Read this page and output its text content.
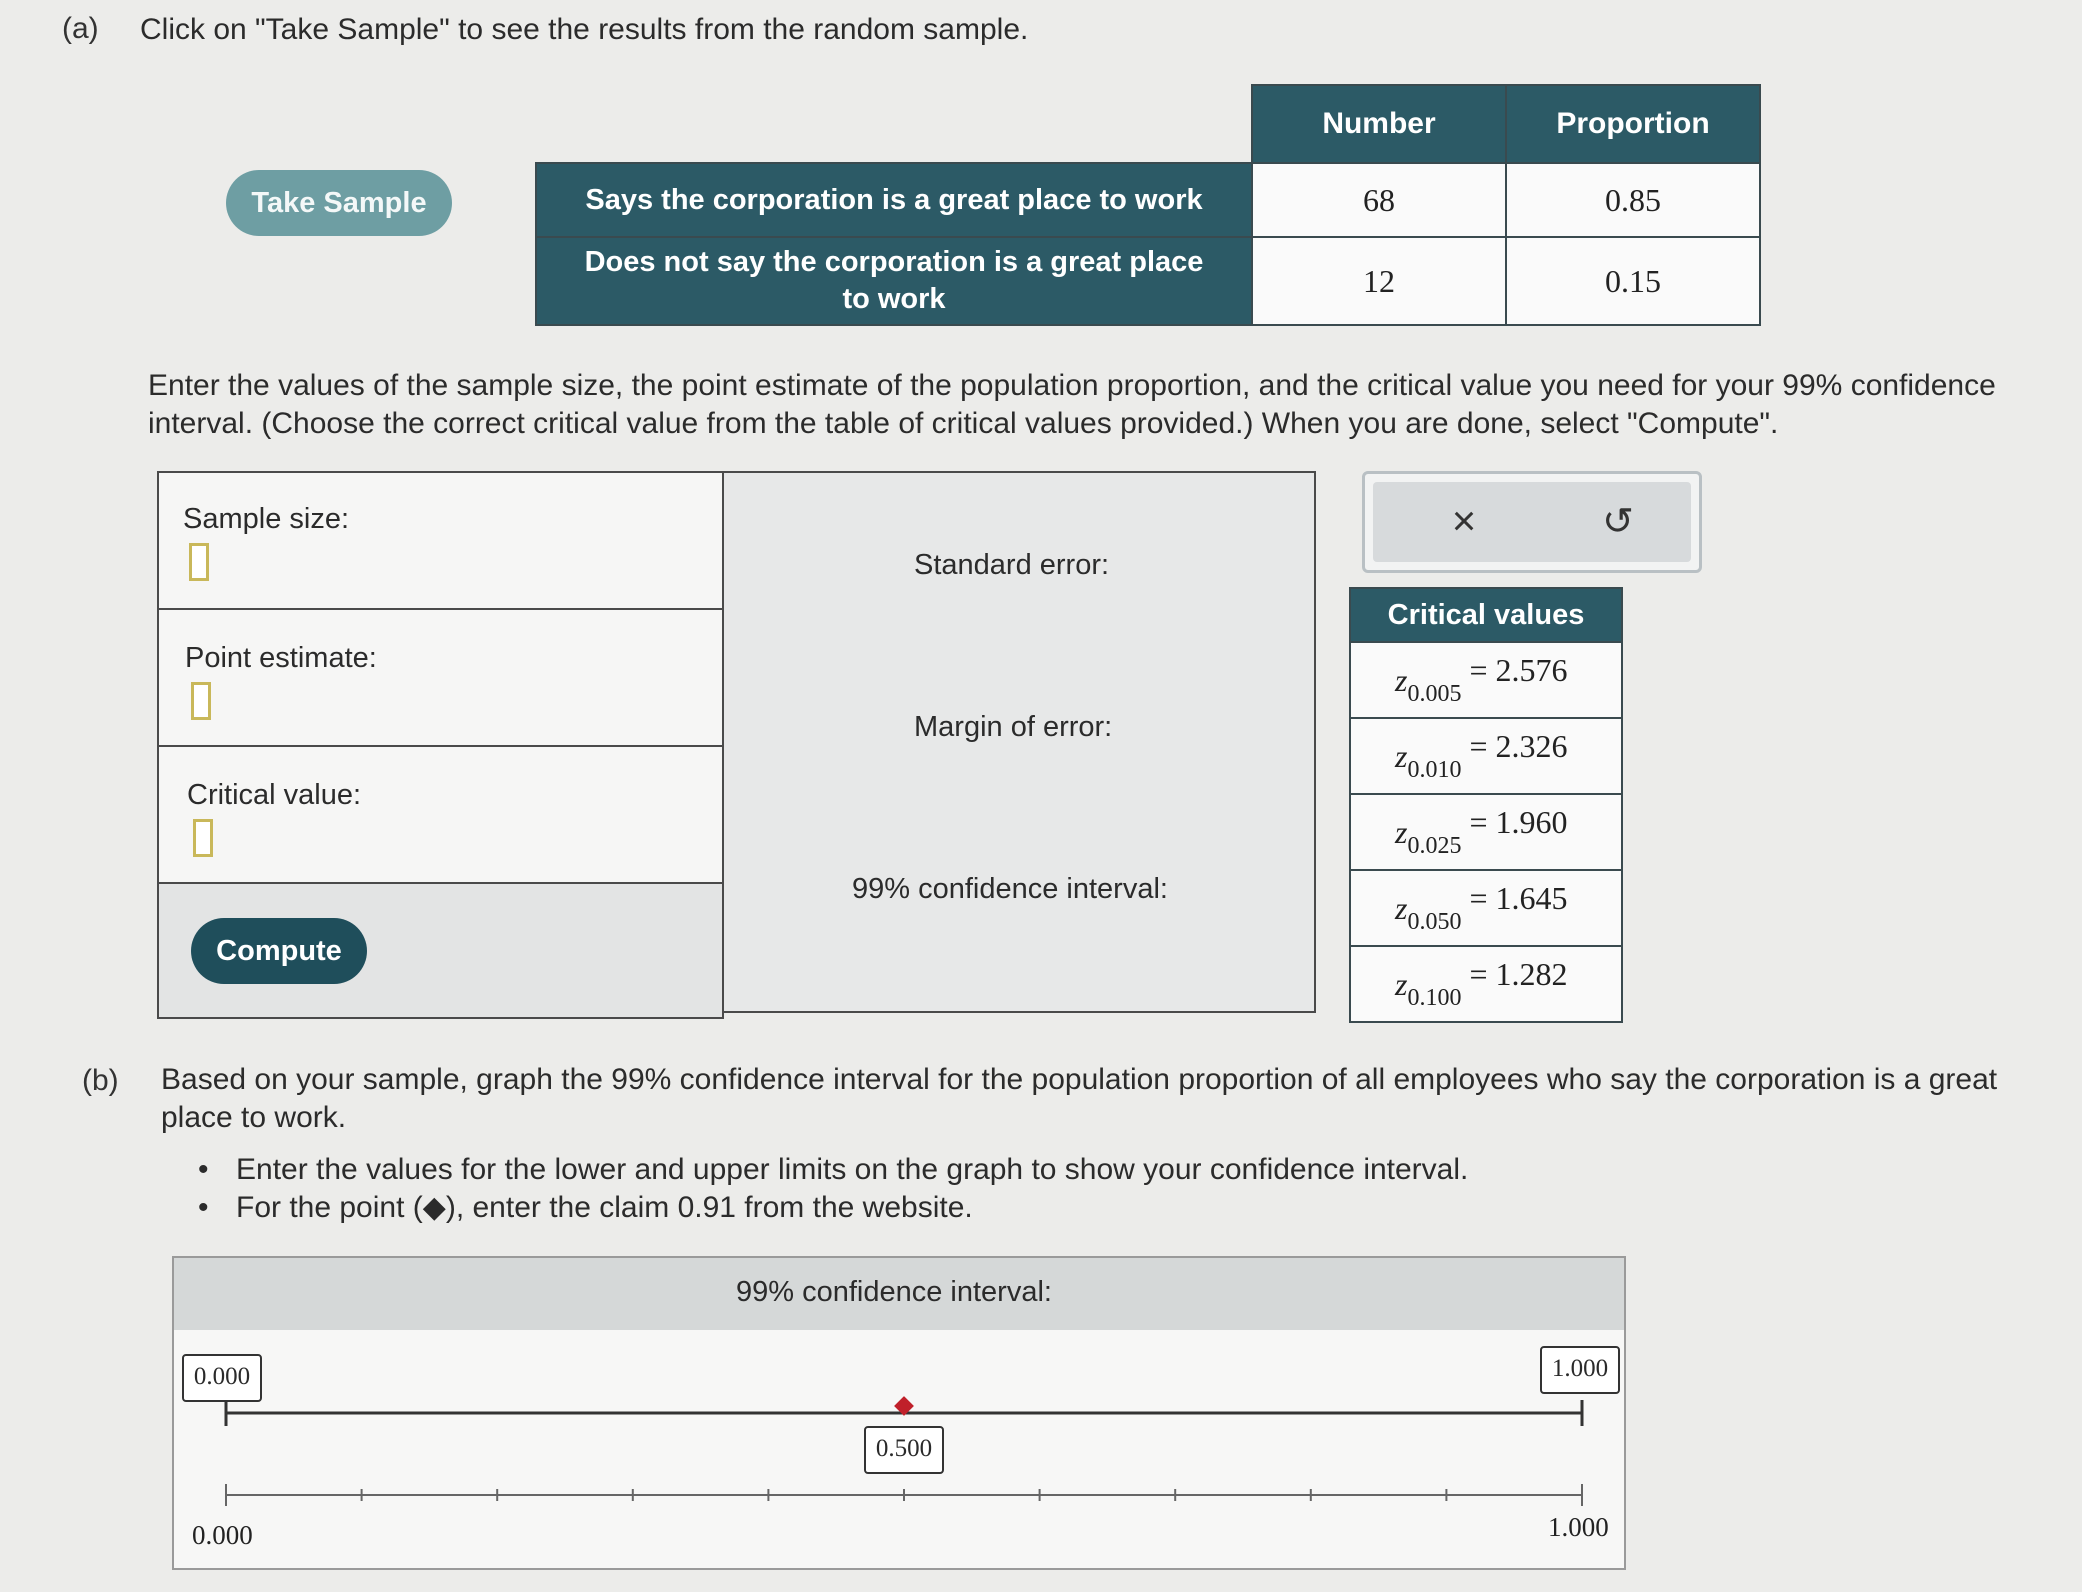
(a) Click on "Take Sample" to see the results from the random sample.
Take Sample
	Number	Proportion
Says the corporation is a great place to work	68	0.85

Does not say the corporation is a great place
to work	12	0.15
Enter the values of the sample size, the point estimate of the population proportion, and the critical value you need for your 99% confidence
interval. (Choose the correct critical value from the table of critical values provided.) When you are done, select "Compute".
Sample size:
Point estimate:
Critical value:
Compute
Standard error:
Margin of error:
99% confidence interval:
×	↺
Critical values
$z_{0.005} = 2.576$
$z_{0.010} = 2.326$
$z_{0.025} = 1.960$
$z_{0.050} = 1.645$
$z_{0.100} = 1.282$
(b) Based on your sample, graph the 99% confidence interval for the population proportion of all employees who say the corporation is a great
place to work.
• Enter the values for the lower and upper limits on the graph to show your confidence interval.
• For the point (◆), enter the claim 0.91 from the website.
99% confidence interval:
0.000	1.000
0.500
0.000	1.000
